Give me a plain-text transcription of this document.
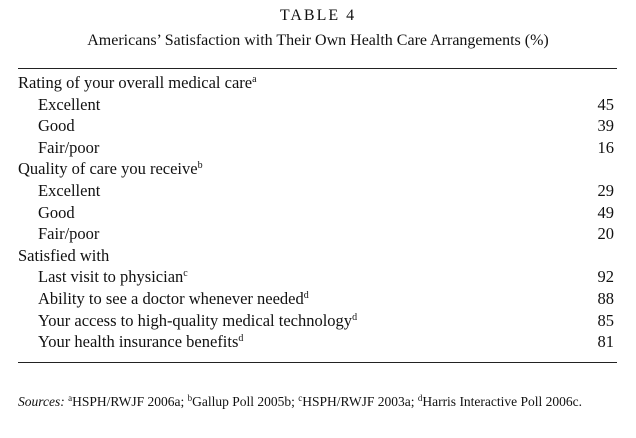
TABLE 4
Americans’ Satisfaction with Their Own Health Care Arrangements (%)
Rating of your overall medical care$^a$
Excellent	45
Good	39
Fair/poor	16
Quality of care you receive$^b$
Excellent	29
Good	49
Fair/poor	20
Satisfied with
Last visit to physician$^c$	92
Ability to see a doctor whenever needed$^d$	88
Your access to high-quality medical technology$^d$	85
Your health insurance benefits$^d$	81
Sources: $^a$HSPH/RWJF 2006a; $^b$Gallup Poll 2005b; $^c$HSPH/RWJF 2003a; $^d$Harris Interactive Poll 2006c.
